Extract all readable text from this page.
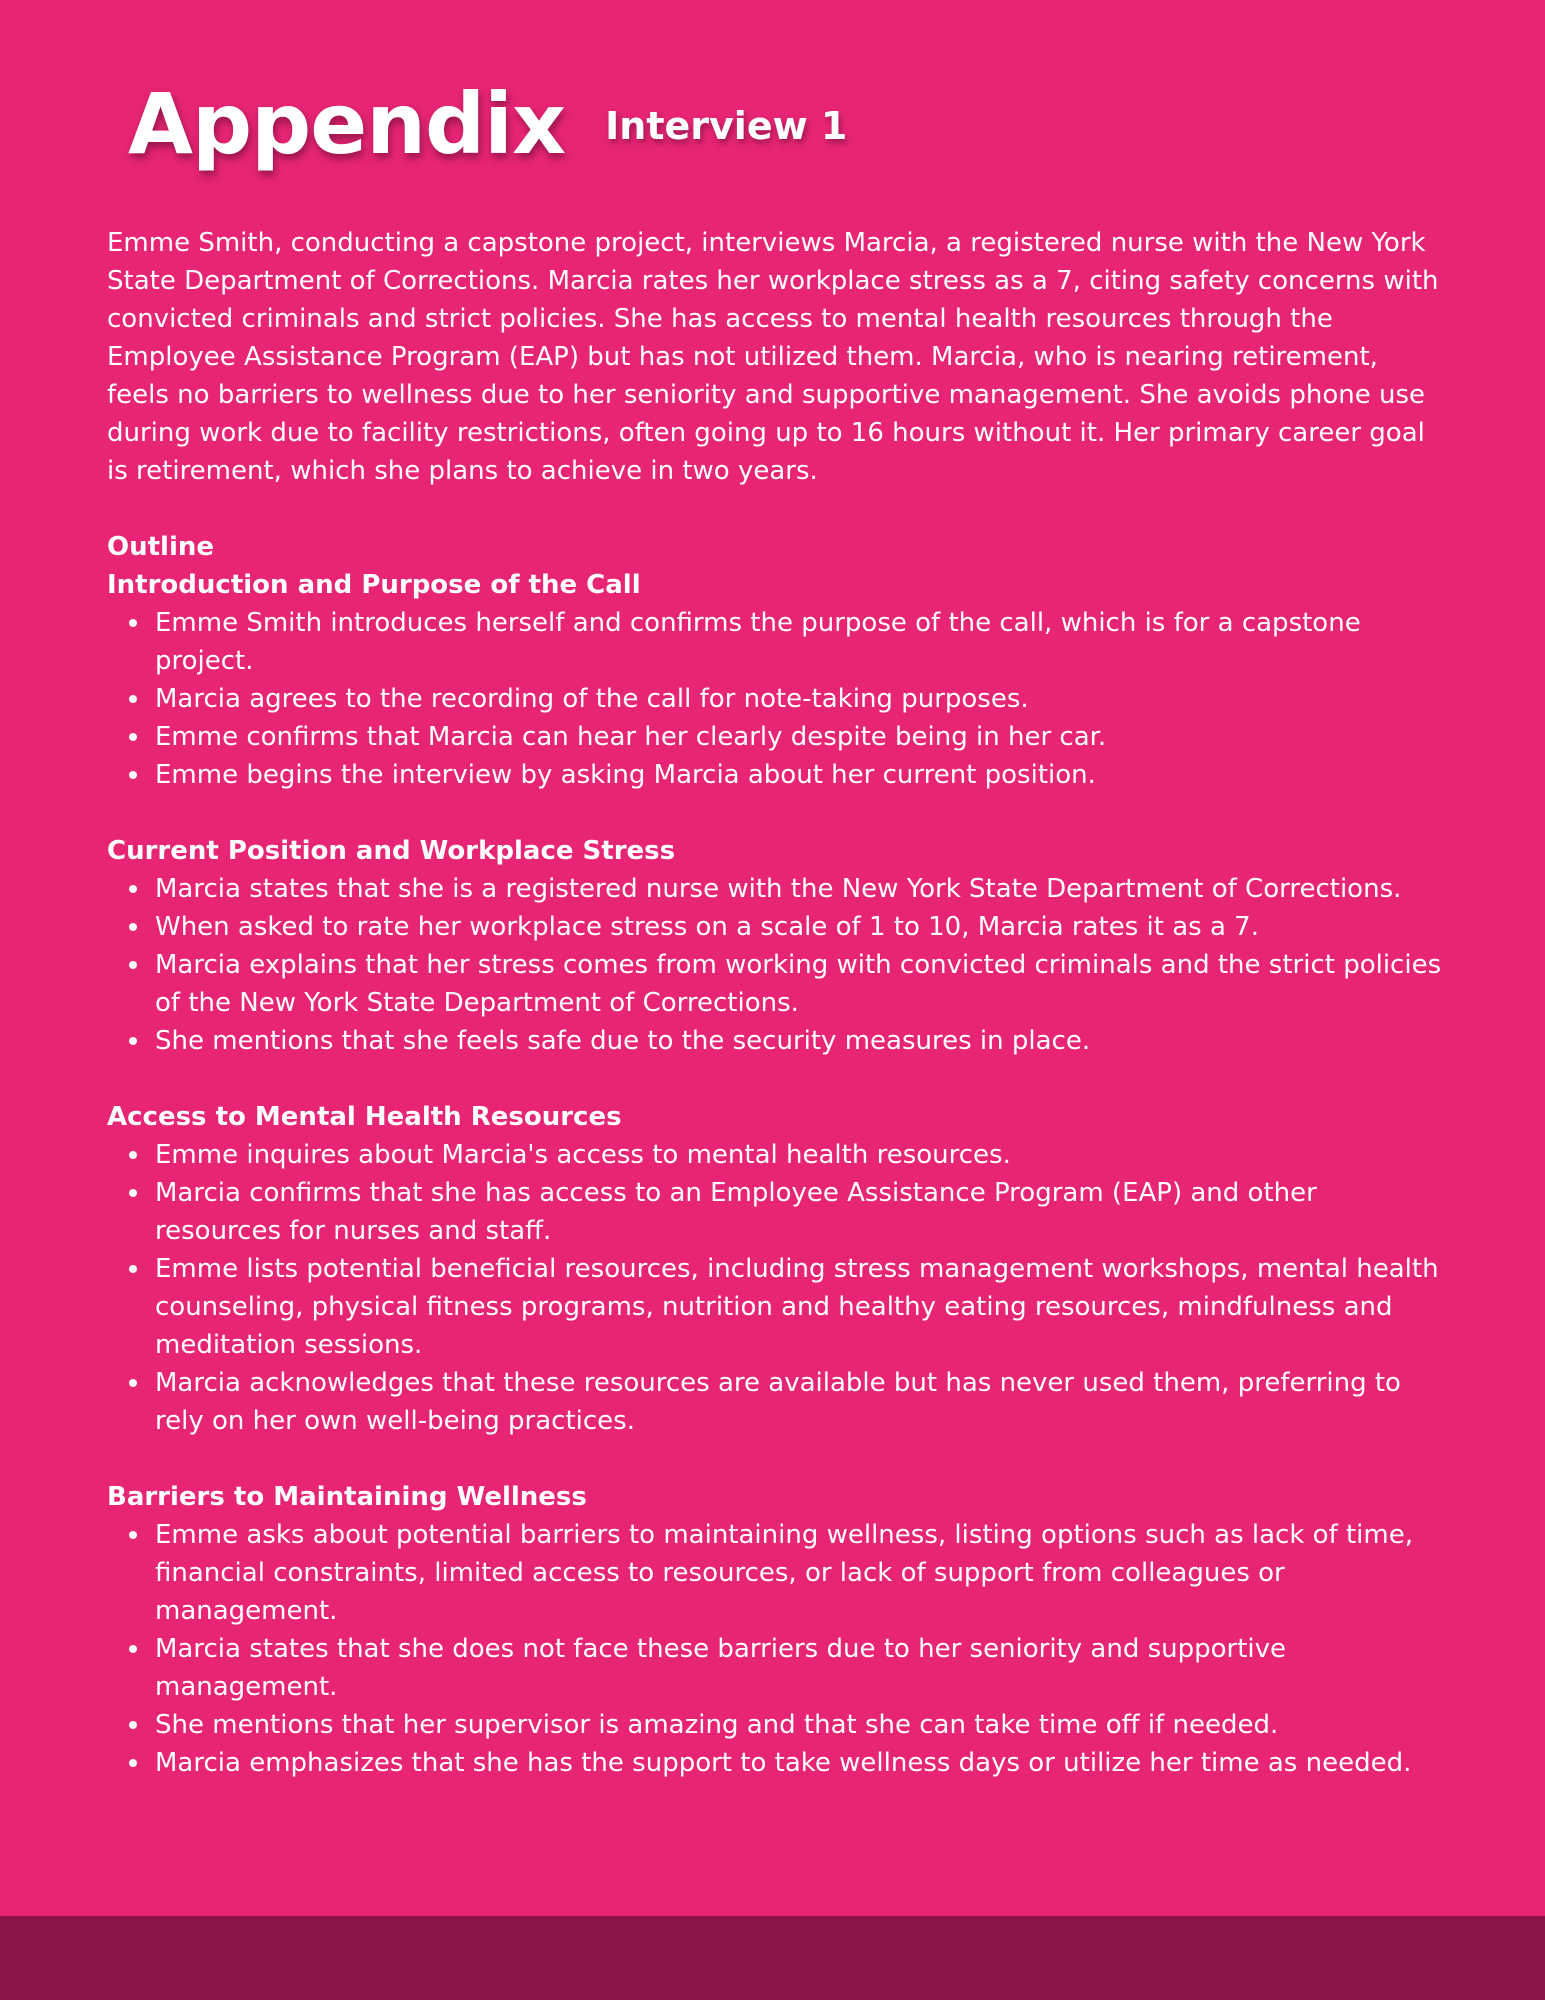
Appendix Interview 1

Emme Smith, conducting a capstone project, interviews Marcia, a registered nurse with the New York State Department of Corrections. Marcia rates her workplace stress as a 7, citing safety concerns with convicted criminals and strict policies. She has access to mental health resources through the Employee Assistance Program (EAP) but has not utilized them. Marcia, who is nearing retirement, feels no barriers to wellness due to her seniority and supportive management. She avoids phone use during work due to facility restrictions, often going up to 16 hours without it. Her primary career goal is retirement, which she plans to achieve in two years.

Outline

Introduction and Purpose of the Call

Emme Smith introduces herself and confirms the purpose of the call, which is for a capstone project.
Marcia agrees to the recording of the call for note-taking purposes.
Emme confirms that Marcia can hear her clearly despite being in her car.
Emme begins the interview by asking Marcia about her current position.

Current Position and Workplace Stress

Marcia states that she is a registered nurse with the New York State Department of Corrections.
When asked to rate her workplace stress on a scale of 1 to 10, Marcia rates it as a 7.
Marcia explains that her stress comes from working with convicted criminals and the strict policies of the New York State Department of Corrections.
She mentions that she feels safe due to the security measures in place.

Access to Mental Health Resources

Emme inquires about Marcia's access to mental health resources.
Marcia confirms that she has access to an Employee Assistance Program (EAP) and other resources for nurses and staff.
Emme lists potential beneficial resources, including stress management workshops, mental health counseling, physical fitness programs, nutrition and healthy eating resources, mindfulness and meditation sessions.
Marcia acknowledges that these resources are available but has never used them, preferring to rely on her own well-being practices.

Barriers to Maintaining Wellness

Emme asks about potential barriers to maintaining wellness, listing options such as lack of time, financial constraints, limited access to resources, or lack of support from colleagues or management.
Marcia states that she does not face these barriers due to her seniority and supportive management.
She mentions that her supervisor is amazing and that she can take time off if needed.
Marcia emphasizes that she has the support to take wellness days or utilize her time as needed.
